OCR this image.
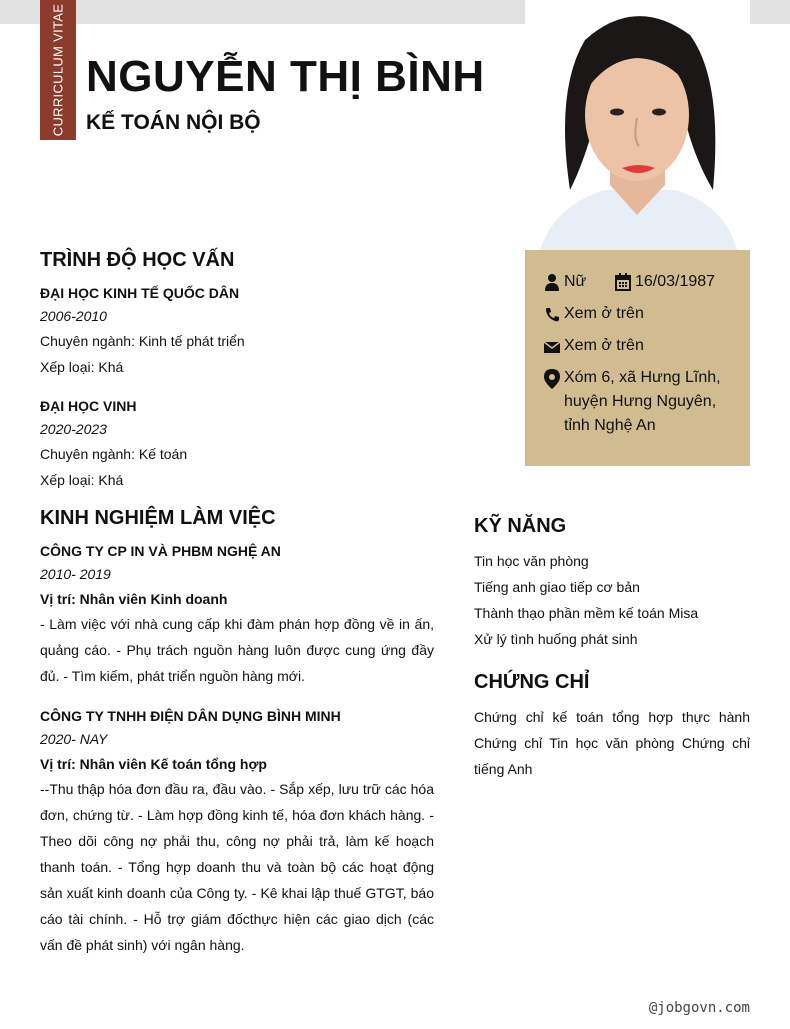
CURRICULUM VITAE NGUYỄN THỊ BÌNH
KẾ TOÁN NỘI BỘ
Nữ	16/03/1987
Xem ở trên
Xem ở trên
Xóm 6, xã Hưng Lĩnh,
huyện Hưng Nguyên,
tỉnh Nghệ An
TRÌNH ĐỘ HỌC VẤN
ĐẠI HỌC KINH TẾ QUỐC DÂN
2006-2010
Chuyên ngành: Kinh tế phát triển
Xếp loại: Khá
ĐẠI HỌC VINH
2020-2023
Chuyên ngành: Kế toán
Xếp loại: Khá
KINH NGHIỆM LÀM VIỆC
CÔNG TY CP IN VÀ PHBM NGHỆ AN
2010- 2019
Vị trí: Nhân viên Kinh doanh
- Làm việc với nhà cung cấp khi đàm phán hợp đồng về in ấn, quảng cáo. - Phụ trách nguồn hàng luôn được cung ứng đầy đủ. - Tìm kiếm, phát triển nguồn hàng mới.
CÔNG TY TNHH ĐIỆN DÂN DỤNG BÌNH MINH
2020- NAY
Vị trí: Nhân viên Kế toán tổng hợp
--Thu thập hóa đơn đầu ra, đầu vào. - Sắp xếp, lưu trữ các hóa đơn, chứng từ. - Làm hợp đồng kinh tế, hóa đơn khách hàng. - Theo dõi công nợ phải thu, công nợ phải trả, làm kế hoạch thanh toán. - Tổng hợp doanh thu và toàn bộ các hoạt động sản xuất kinh doanh của Công ty. - Kê khai lập thuế GTGT, báo cáo tài chính. - Hỗ trợ giám đốcthực hiện các giao dịch (các vấn đề phát sinh) với ngân hàng.
KỸ NĂNG
Tin học văn phòng
Tiếng anh giao tiếp cơ bản
Thành thạo phần mềm kế toán Misa
Xử lý tình huống phát sinh
CHỨNG CHỈ
Chứng chỉ kế toán tổng hợp thực hành Chứng chỉ Tin học văn phòng Chứng chỉ tiếng Anh
@jobgovn.com
